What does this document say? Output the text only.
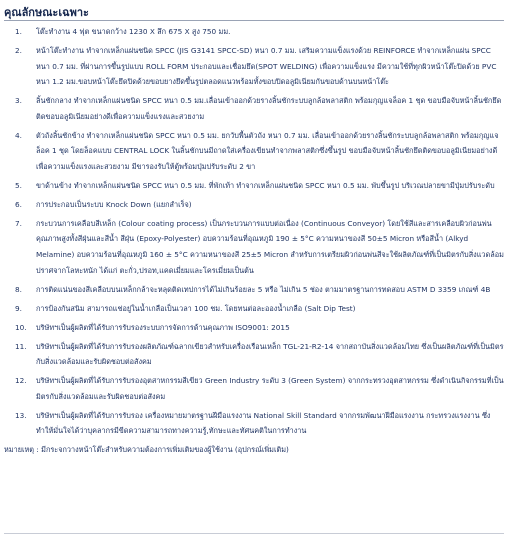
คุณลักษณะเฉพาะ
1. โต๊ะทำงาน 4 ฟุต ขนาดกว้าง 1230 X ลึก 675 X สูง 750 มม.
2. หน้าโต๊ะทำงาน ทำจากเหล็กแผ่นชนิด SPCC (JIS G3141 SPCC-SD) หนา 0.7 มม. เสริมความแข็งแรงด้วย REINFORCE ทำจากเหล็กแผ่น SPCC หนา 0.7 มม. ที่ผ่านการขึ้นรูปแบบ ROLL FORM ประกอบและเชื่อมยึด(SPOT WELDING) เพื่อความแข็งแรง มีความใช้ที่ทุกผิวหน้าโต๊ะปิดด้วย PVC หนา 1.2 มม.ขอบหน้าโต๊ะยึดปิดด้วยขอบยางยึดขึ้นรูปตลอดแนวพร้อมทั้งขอบปิดอลูมิเนียมกันขอบด้านบนหน้าโต๊ะ
3. ลิ้นชักกลาง ทำจากเหล็กแผ่นชนิด SPCC หนา 0.5 มม.เลื่อนเข้าออกด้วยรางลิ้นชักระบบลูกล้อพลาสติก พร้อมกุญแจล็อค 1 ชุด ขอบมือจับหน้าลิ้นชักยึดติดขอบอลูมิเนียมอย่างดีเพื่อความแข็งแรงและสวยงาม
4. ตัวถังลิ้นชักข้าง ทำจากเหล็กแผ่นชนิด SPCC หนา 0.5 มม. ยกวับพื้นตัวถัง หนา 0.7 มม. เลื่อนเข้าออกด้วยรางลิ้นชักระบบลูกล้อพลาสติก พร้อมกุญแจล็อค 1 ชุด โดยล็อคแบบ CENTRAL LOCK ในลิ้นชักบนมีถาดใส่เครื่องเขียนทำจากพลาสติกซึ่งขึ้นรูป ขอบมือจับหน้าลิ้นชักยึดติดขอบอลูมิเนียมอย่างดีเพื่อความแข็งแรงและสวยงาม มีขารองรับให้ตู้พร้อมปุ่มปรับระดับ 2 ขา
5. ขาด้านข้าง ทำจากเหล็กแผ่นชนิด SPCC หนา 0.5 มม. ที่พักเท้า ทำจากเหล็กแผ่นชนิด SPCC หนา 0.5 มม. พับขึ้นรูป บริเวณปลายขามีปุ่มปรับระดับ
6. การประกอบเป็นระบบ Knock Down (แยกสำเร็จ)
7. กระบวนการเคลือบสีเหล็ก (Colour coating process) เป็นกระบวนการแบบต่อเนื่อง (Continuous Conveyor) โดยใช้สีและสารเคลือบผิวก่อนพ่นคุณภาพสูงทั้งสีฝุ่นและสีน้ำ สีฝุ่น (Epoxy-Polyester) อบความร้อนที่อุณหภูมิ 190 ± 5°C ความหนาของสี 50±5 Micron หรือสีน้ำ (Alkyd Melamine) อบความร้อนที่อุณหภูมิ 160 ± 5°C ความหนาของสี 25±5 Micron สำหรับการเตรียมผิวก่อนพ่นสีจะใช้ผลิตภัณฑ์ที่เป็นมิตรกับสิ่งแวดล้อม ปราศจากโลหะหนัก ได้แก่ ตะกั่ว,ปรอท,แคดเมี่ยมและโครเมี่ยมเป็นต้น
8. การติดแน่นของสีเคลือบบนเหล็กกล้าจะหลุดติดเทปการได้ไม่เกินร้อยละ 5 หรือ ไม่เกิน 5 ช่อง ตามมาตรฐานการทดสอบ ASTM D 3359 เกณฑ์ 4B
9. การป้องกันสนิม สามารถแช่อยู่ในน้ำเกลือเป็นเวลา 100 ชม. โดยทนต่อละอองน้ำเกลือ (Salt Dip Test)
10. บริษัทฯเป็นผู้ผลิตที่ได้รับการรับรองระบบการจัดการด้านคุณภาพ ISO9001: 2015
11. บริษัทฯเป็นผู้ผลิตที่ได้รับการรับรองผลิตภัณฑ์ฉลากเขียวสำหรับเครื่องเรือนเหล็ก TGL-21-R2-14 จากสถาบันสิ่งแวดล้อมไทย ซึ่งเป็นผลิตภัณฑ์ที่เป็นมิตรกับสิ่งแวดล้อมและรับผิดชอบต่อสังคม
12. บริษัทฯเป็นผู้ผลิตที่ได้รับการรับรองอุตสาหกรรมสีเขียว Green Industry ระดับ 3 (Green System) จากกระทรวงอุตสาหกรรม ซึ่งดำเนินกิจกรรมที่เป็นมิตรกับสิ่งแวดล้อมและรับผิดชอบต่อสังคม
13. บริษัทฯเป็นผู้ผลิตที่ได้รับการรับรอง เครื่องหมายมาตรฐานฝีมือแรงงาน National Skill Standard จากกรมพัฒนาฝีมือแรงงาน กระทรวงแรงงาน ซึ่งทำให้มั่นใจได้ว่าบุคลากรมีขีดความสามารถทางความรู้,ทักษะและทัศนคติในการทำงาน
หมายเหตุ : มีกระจกวางหน้าโต๊ะสำหรับความต้องการเพิ่มเติมของผู้ใช้งาน (อุปกรณ์เพิ่มเติม)
